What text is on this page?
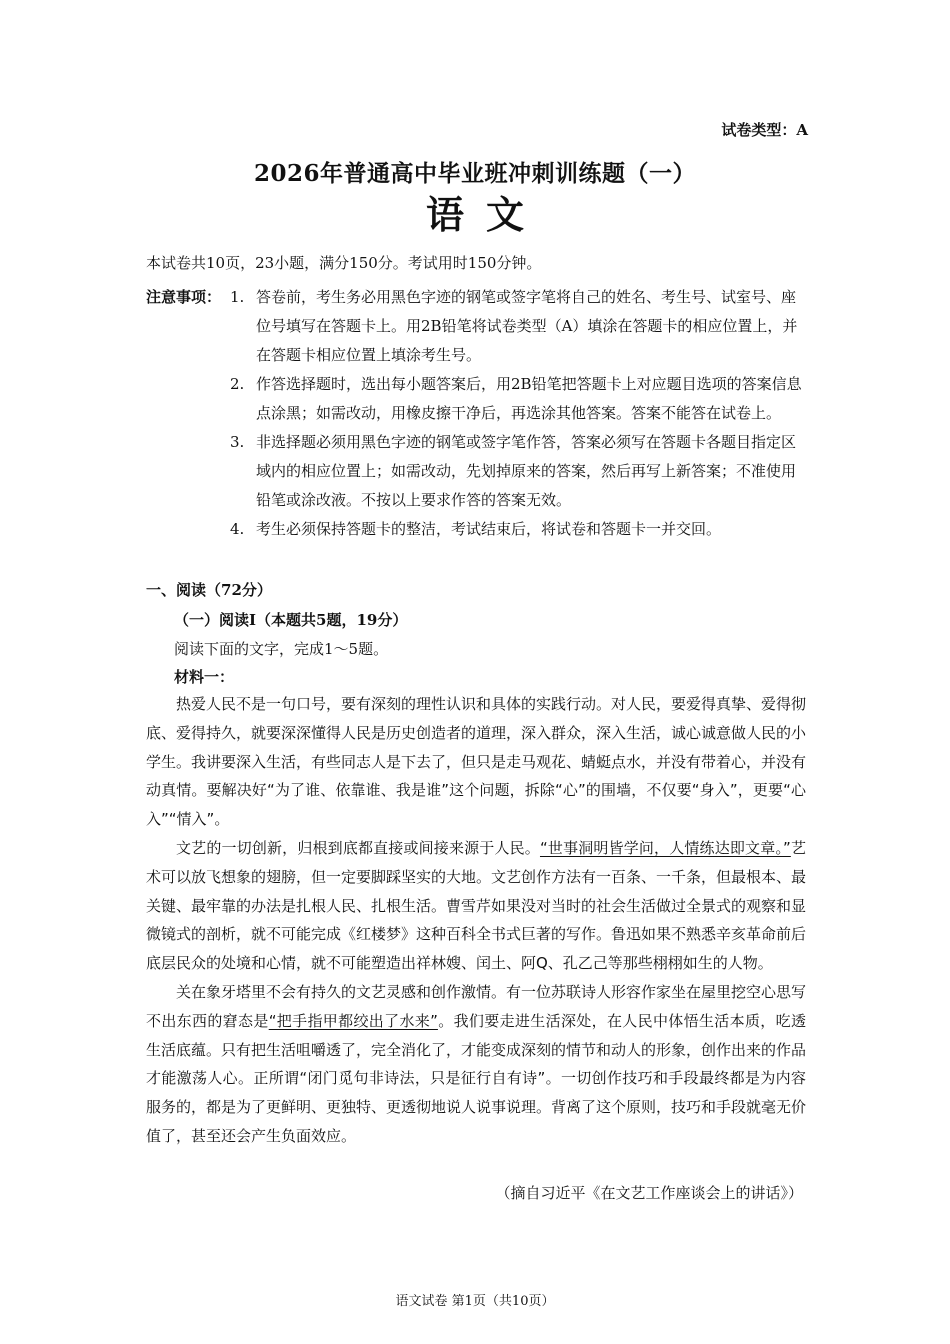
试卷类型：A
2026年普通高中毕业班冲刺训练题（一）
语文
本试卷共10页，23小题，满分150分。考试用时150分钟。
注意事项： 1. 答卷前，考生务必用黑色字迹的钢笔或签字笔将自己的姓名、考生号、试室号、座位号填写在答题卡上。用2B铅笔将试卷类型（A）填涂在答题卡的相应位置上，并在答题卡相应位置上填涂考生号。
2. 作答选择题时，选出每小题答案后，用2B铅笔把答题卡上对应题目选项的答案信息点涂黑；如需改动，用橡皮擦干净后，再选涂其他答案。答案不能答在试卷上。
3. 非选择题必须用黑色字迹的钢笔或签字笔作答，答案必须写在答题卡各题目指定区域内的相应位置上；如需改动，先划掉原来的答案，然后再写上新答案；不准使用铅笔或涂改液。不按以上要求作答的答案无效。
4. 考生必须保持答题卡的整洁，考试结束后，将试卷和答题卡一并交回。
一、阅读（72分）
（一）阅读Ⅰ（本题共5题，19分）
阅读下面的文字，完成1～5题。
材料一：

热爱人民不是一句口号，要有深刻的理性认识和具体的实践行动。对人民，要爱得真挚、爱得彻底、爱得持久，就要深深懂得人民是历史创造者的道理，深入群众，深入生活，诚心诚意做人民的小学生。我讲要深入生活，有些同志人是下去了，但只是走马观花、蜻蜓点水，并没有带着心，并没有动真情。要解决好“为了谁、依靠谁、我是谁”这个问题，拆除“心”的围墙，不仅要“身入”，更要“心入”“情入”。

文艺的一切创新，归根到底都直接或间接来源于人民。“世事洞明皆学问，人情练达即文章。”艺术可以放飞想象的翅膀，但一定要脚踩坚实的大地。文艺创作方法有一百条、一千条，但最根本、最关键、最牢靠的办法是扎根人民、扎根生活。曹雪芹如果没对当时的社会生活做过全景式的观察和显微镜式的剖析，就不可能完成《红楼梦》这种百科全书式巨著的写作。鲁迅如果不熟悉辛亥革命前后底层民众的处境和心情，就不可能塑造出祥林嫂、闰土、阿Q、孔乙己等那些栩栩如生的人物。

关在象牙塔里不会有持久的文艺灵感和创作激情。有一位苏联诗人形容作家坐在屋里挖空心思写不出东西的窘态是“把手指甲都绞出了水来”。我们要走进生活深处，在人民中体悟生活本质，吃透生活底蕴。只有把生活咀嚼透了，完全消化了，才能变成深刻的情节和动人的形象，创作出来的作品才能激荡人心。正所谓“闭门觅句非诗法，只是征行自有诗”。一切创作技巧和手段最终都是为内容服务的，都是为了更鲜明、更独特、更透彻地说人说事说理。背离了这个原则，技巧和手段就毫无价值了，甚至还会产生负面效应。

（摘自习近平《在文艺工作座谈会上的讲话》）
语文试卷 第1页（共10页）
